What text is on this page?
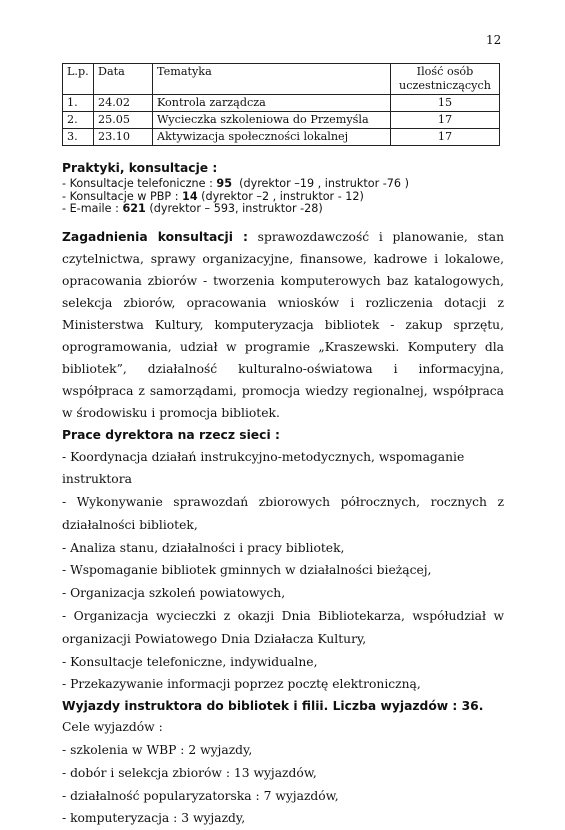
12
L.p.	Data	Tematyka	Ilość osób uczestniczących
1.	24.02	Kontrola zarządcza	15
2.	25.05	Wycieczka szkoleniowa do Przemyśla	17
3.	23.10	Aktywizacja społeczności lokalnej	17

Praktyki, konsultacje :

- Konsultacje telefoniczne : 95 (dyrektor –19 , instruktor -76 )
- Konsultacje w PBP : 14 (dyrektor –2 , instruktor - 12)
- E-maile : 621 (dyrektor – 593, instruktor -28)

Zagadnienia konsultacji : sprawozdawczość i planowanie, stan czytelnictwa, sprawy organizacyjne, finansowe, kadrowe i lokalowe, opracowania zbiorów - tworzenia komputerowych baz katalogowych, selekcja zbiorów, opracowania wniosków i rozliczenia dotacji z Ministerstwa Kultury, komputeryzacja bibliotek - zakup sprzętu, oprogramowania, udział w programie „Kraszewski. Komputery dla bibliotek”, działalność kulturalno-oświatowa i informacyjna, współpraca z samorządami, promocja wiedzy regionalnej, współpraca w środowisku i promocja bibliotek.

Prace dyrektora na rzecz sieci :

- Koordynacja działań instrukcyjno-metodycznych, wspomaganie instruktora
- Wykonywanie sprawozdań zbiorowych półrocznych, rocznych z działalności bibliotek,
- Analiza stanu, działalności i pracy bibliotek,
- Wspomaganie bibliotek gminnych w działalności bieżącej,
- Organizacja szkoleń powiatowych,
- Organizacja wycieczki z okazji Dnia Bibliotekarza, współudział w organizacji Powiatowego Dnia Działacza Kultury,
- Konsultacje telefoniczne, indywidualne,
- Przekazywanie informacji poprzez pocztę elektroniczną,
Wyjazdy instruktora do bibliotek i filii. Liczba wyjazdów : 36.
Cele wyjazdów :
- szkolenia w WBP : 2 wyjazdy,
- dobór i selekcja zbiorów : 13 wyjazdów,
- działalność popularyzatorska : 7 wyjazdów,
- komputeryzacja : 3 wyjazdy,
